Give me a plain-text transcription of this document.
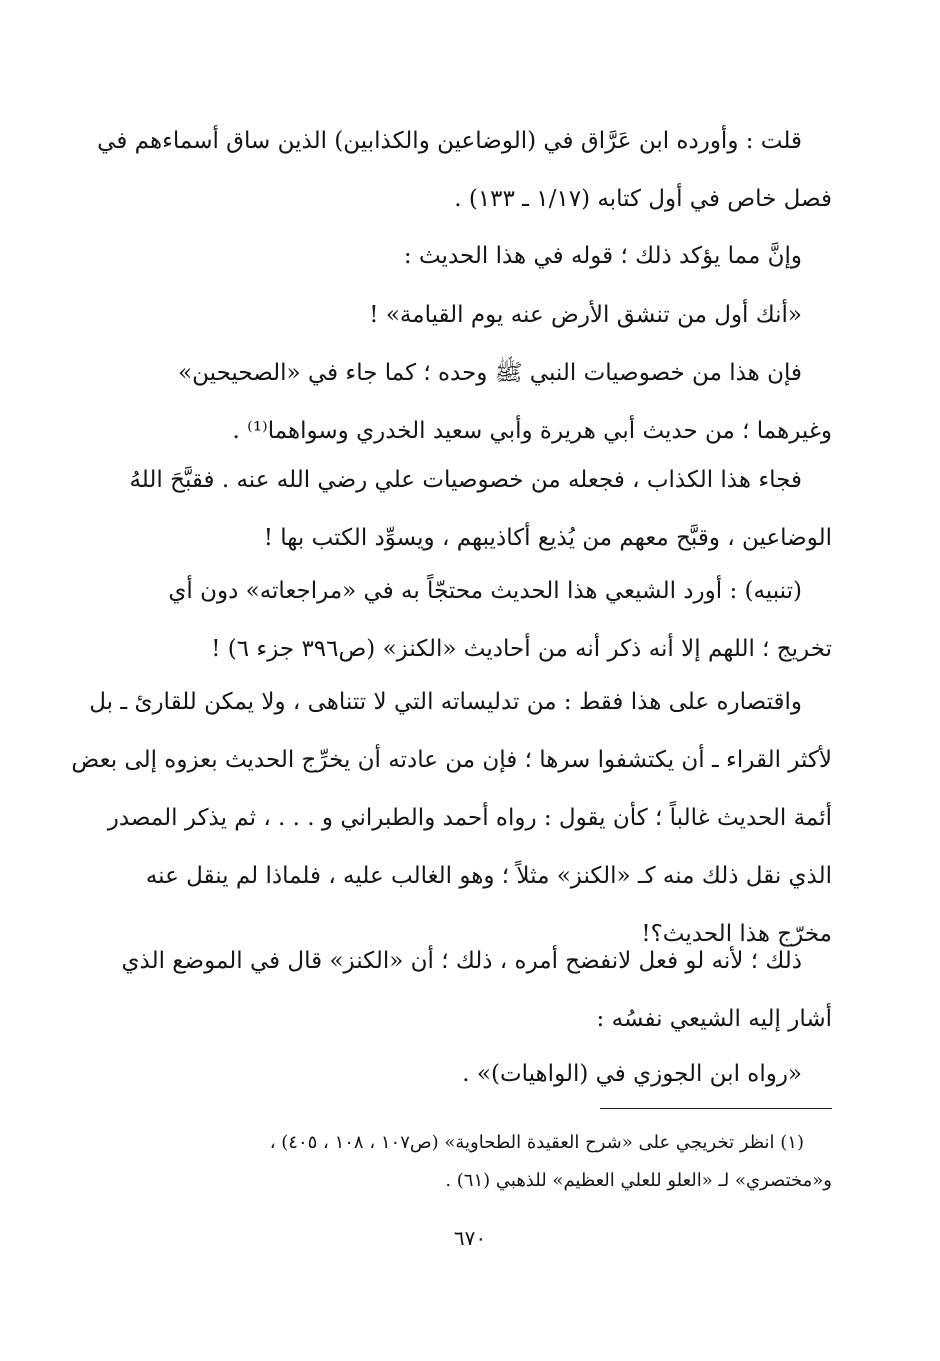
قلت : وأورده ابن عَرَّاق في (الوضاعين والكذابين) الذين ساق أسماءهم في
فصل خاص في أول كتابه (١/١٧ ـ ١٣٣) .
وإنَّ مما يؤكد ذلك ؛ قوله في هذا الحديث :
«أنك أول من تنشق الأرض عنه يوم القيامة» !
فإن هذا من خصوصيات النبي ﷺ وحده ؛ كما جاء في «الصحيحين»
وغيرهما ؛ من حديث أبي هريرة وأبي سعيد الخدري وسواهما⁽¹⁾ .
فجاء هذا الكذاب ، فجعله من خصوصيات علي رضي الله عنه . فقبَّحَ اللهُ
الوضاعين ، وقبَّح معهم من يُذيع أكاذيبهم ، ويسوِّد الكتب بها !
(تنبيه) : أورد الشيعي هذا الحديث محتجّاً به في «مراجعاته» دون أي
تخريج ؛ اللهم إلا أنه ذكر أنه من أحاديث «الكنز» (ص٣٩٦ جزء ٦) !
واقتصاره على هذا فقط : من تدليساته التي لا تتناهى ، ولا يمكن للقارئ ـ بل
لأكثر القراء ـ أن يكتشفوا سرها ؛ فإن من عادته أن يخرِّج الحديث بعزوه إلى بعض
أئمة الحديث غالباً ؛ كأن يقول : رواه أحمد والطبراني و . . . ، ثم يذكر المصدر
الذي نقل ذلك منه كـ «الكنز» مثلاً ؛ وهو الغالب عليه ، فلماذا لم ينقل عنه
مخرّج هذا الحديث؟!
ذلك ؛ لأنه لو فعل لانفضح أمره ، ذلك ؛ أن «الكنز» قال في الموضع الذي
أشار إليه الشيعي نفسُه :
«رواه ابن الجوزي في (الواهيات)» .
(١) انظر تخريجي على «شرح العقيدة الطحاوية» (ص١٠٧ ، ١٠٨ ، ٤٠٥) ،
و«مختصري» لـ «العلو للعلي العظيم» للذهبي (٦١) .
٦٧٠
